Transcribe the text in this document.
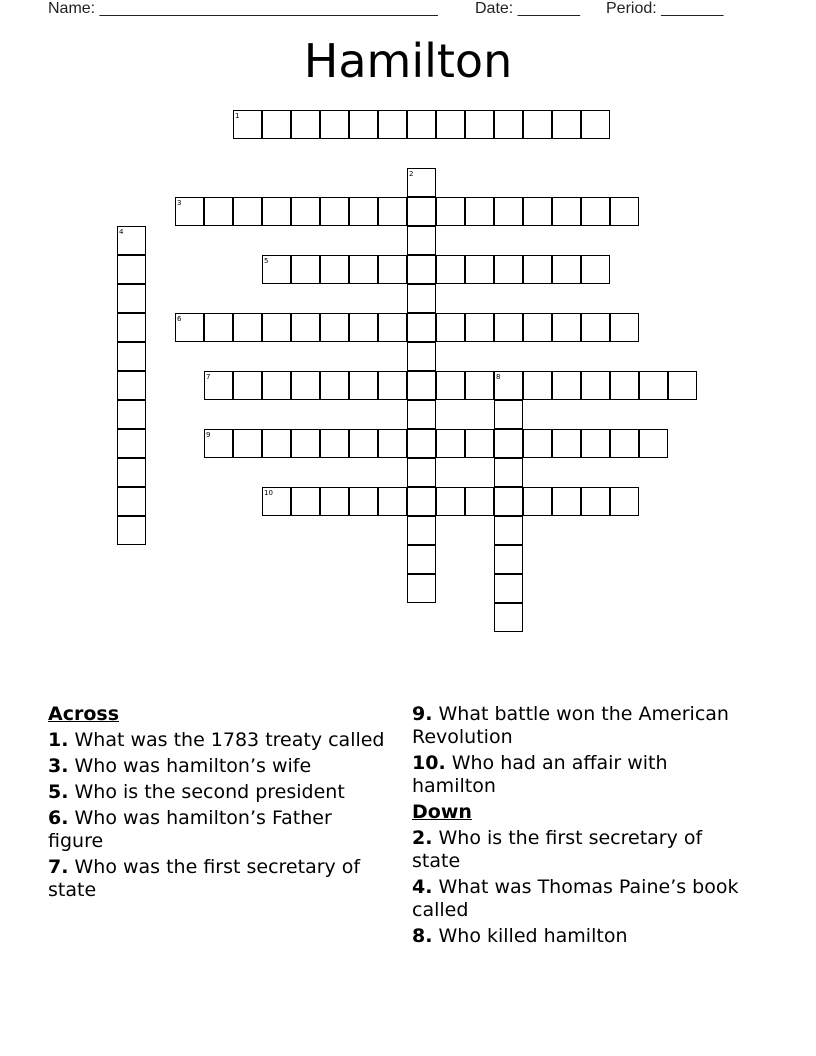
Name: ______________________________________ Date: _______ Period: _______
Hamilton
1
2
3
4
5
6
7	8
9
10
Across
1. What was the 1783 treaty called
3. Who was hamilton’s wife
5. Who is the second president
6. Who was hamilton’s Father figure
7. Who was the first secretary of state
9. What battle won the American Revolution
10. Who had an affair with hamilton
Down
2. Who is the first secretary of state
4. What was Thomas Paine’s book called
8. Who killed hamilton
